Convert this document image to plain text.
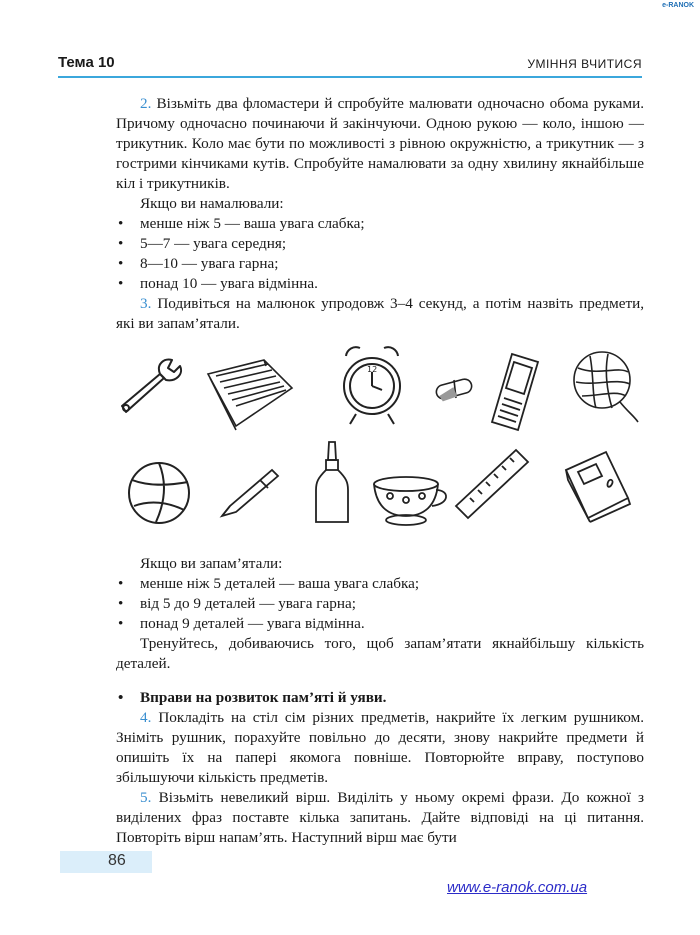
e-RANOK
Тема 10	УМІННЯ ВЧИТИСЯ

2. Візьміть два фломастери й спробуйте малювати одночасно обома руками. Причому одночасно починаючи й закінчуючи. Одною рукою — коло, іншою — трикутник. Коло має бути по можливості з рівною окружністю, а трикутник — з гострими кінчиками кутів. Спробуйте намалювати за одну хвилину якнайбільше кіл і трикутників.

Якщо ви намалювали:

• менше ніж 5 — ваша увага слабка;
• 5—7 — увага середня;
• 8—10 — увага гарна;
• понад 10 — увага відмінна.

3. Подивіться на малюнок упродовж 3–4 секунд, а потім назвіть предмети, які ви запам’ятали.

12

Якщо ви запам’ятали:

• менше ніж 5 деталей — ваша увага слабка;
• від 5 до 9 деталей — увага гарна;
• понад 9 деталей — увага відмінна.

Тренуйтесь, добиваючись того, щоб запам’ятати якнайбільшу кількість деталей.

• Вправи на розвиток пам’яті й уяви.

4. Покладіть на стіл сім різних предметів, накрийте їх легким рушником. Зніміть рушник, порахуйте повільно до десяти, знову накрийте предмети й опишіть їх на папері якомога повніше. Повторюйте вправу, поступово збільшуючи кількість предметів.

5. Візьміть невеликий вірш. Виділіть у ньому окремі фрази. До кожної з виділених фраз поставте кілька запитань. Дайте відповіді на ці питання. Повторіть вірш напам’ять. Наступний вірш має бути

86
www.e-ranok.com.ua
